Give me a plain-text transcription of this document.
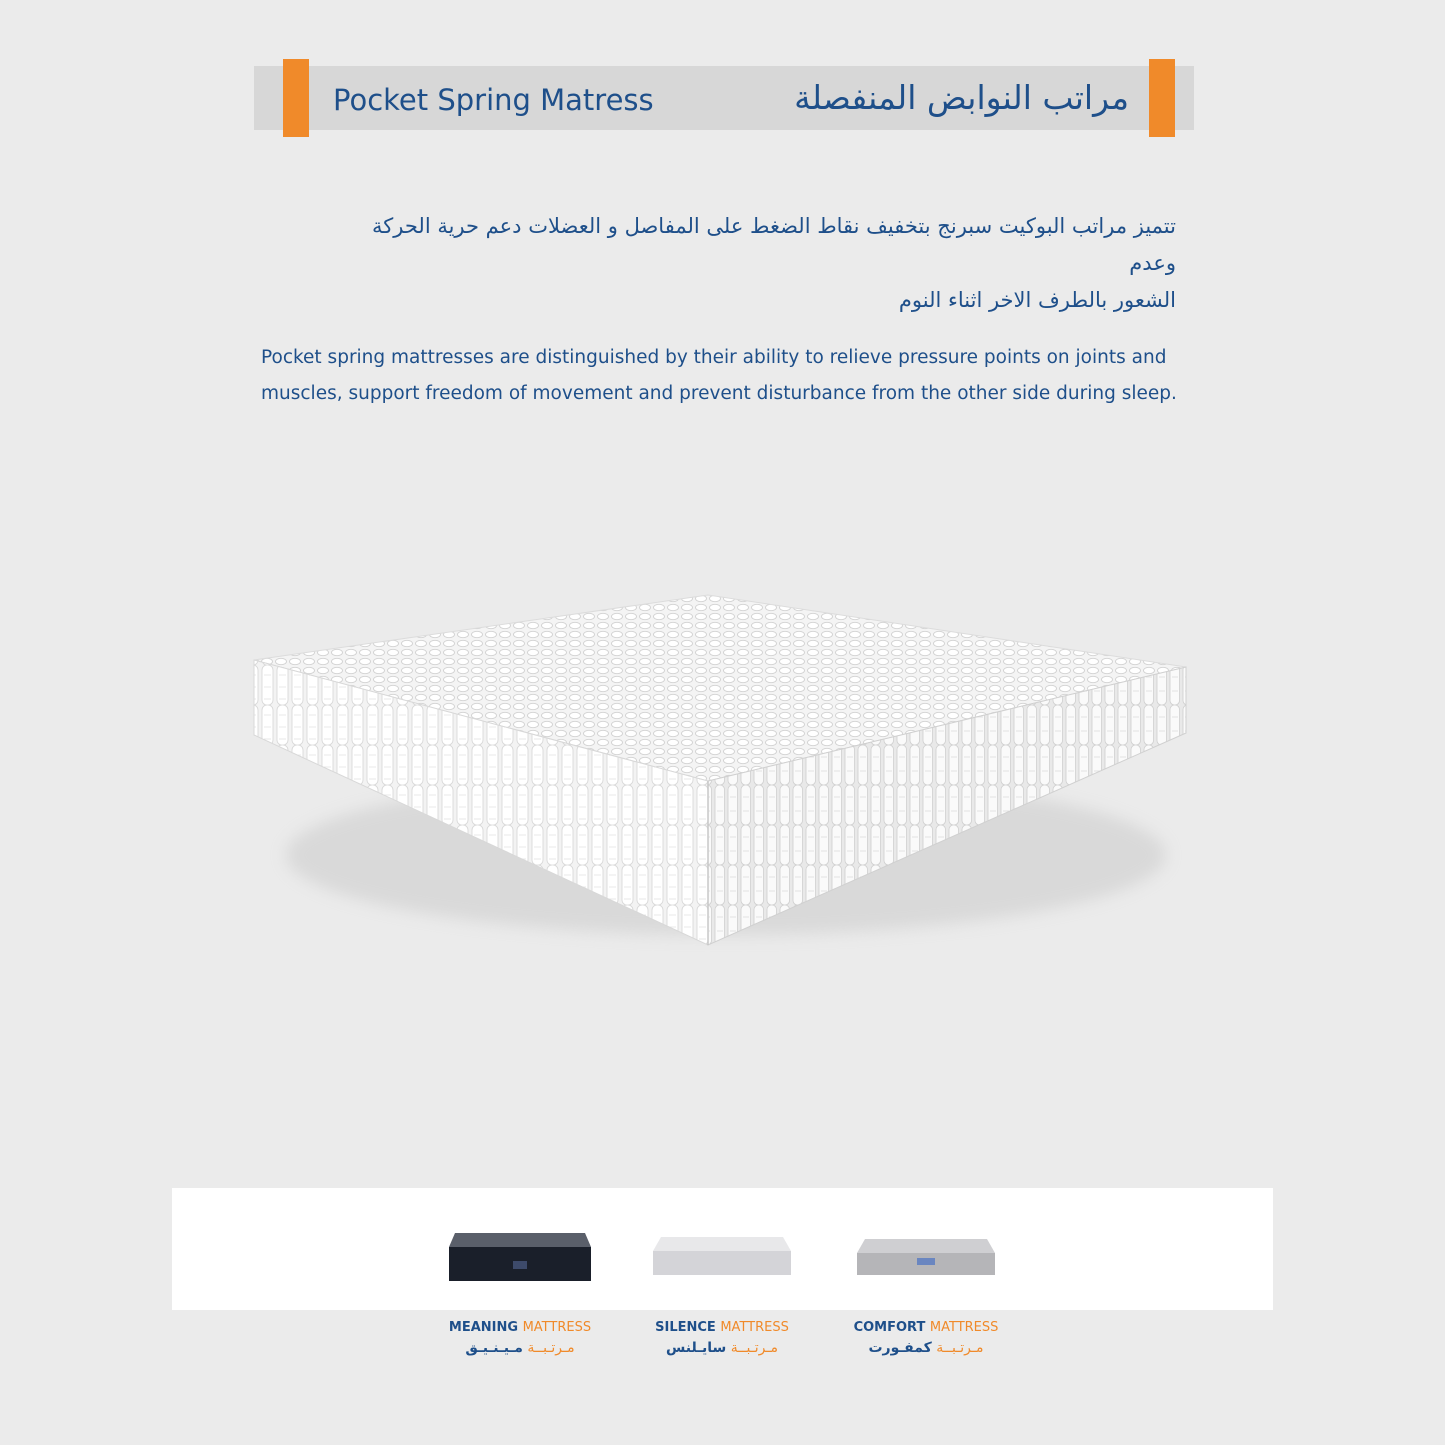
Pocket Spring Matress	مراتب النوابض المنفصلة
تتميز مراتب البوكيت سبرنج بتخفيف نقاط الضغط على المفاصل و العضلات دعم حرية الحركة وعدم
الشعور بالطرف الاخر اثناء النوم
Pocket spring mattresses are distinguished by their ability to relieve pressure points on joints and
muscles, support freedom of movement and prevent disturbance from the other side during sleep.
MEANING MATTRESS
مـرتـبــة مـيـنـيـق
SILENCE MATTRESS
مـرتـبــة سايـلنس
COMFORT MATTRESS
مـرتـبــة كمفـورت
